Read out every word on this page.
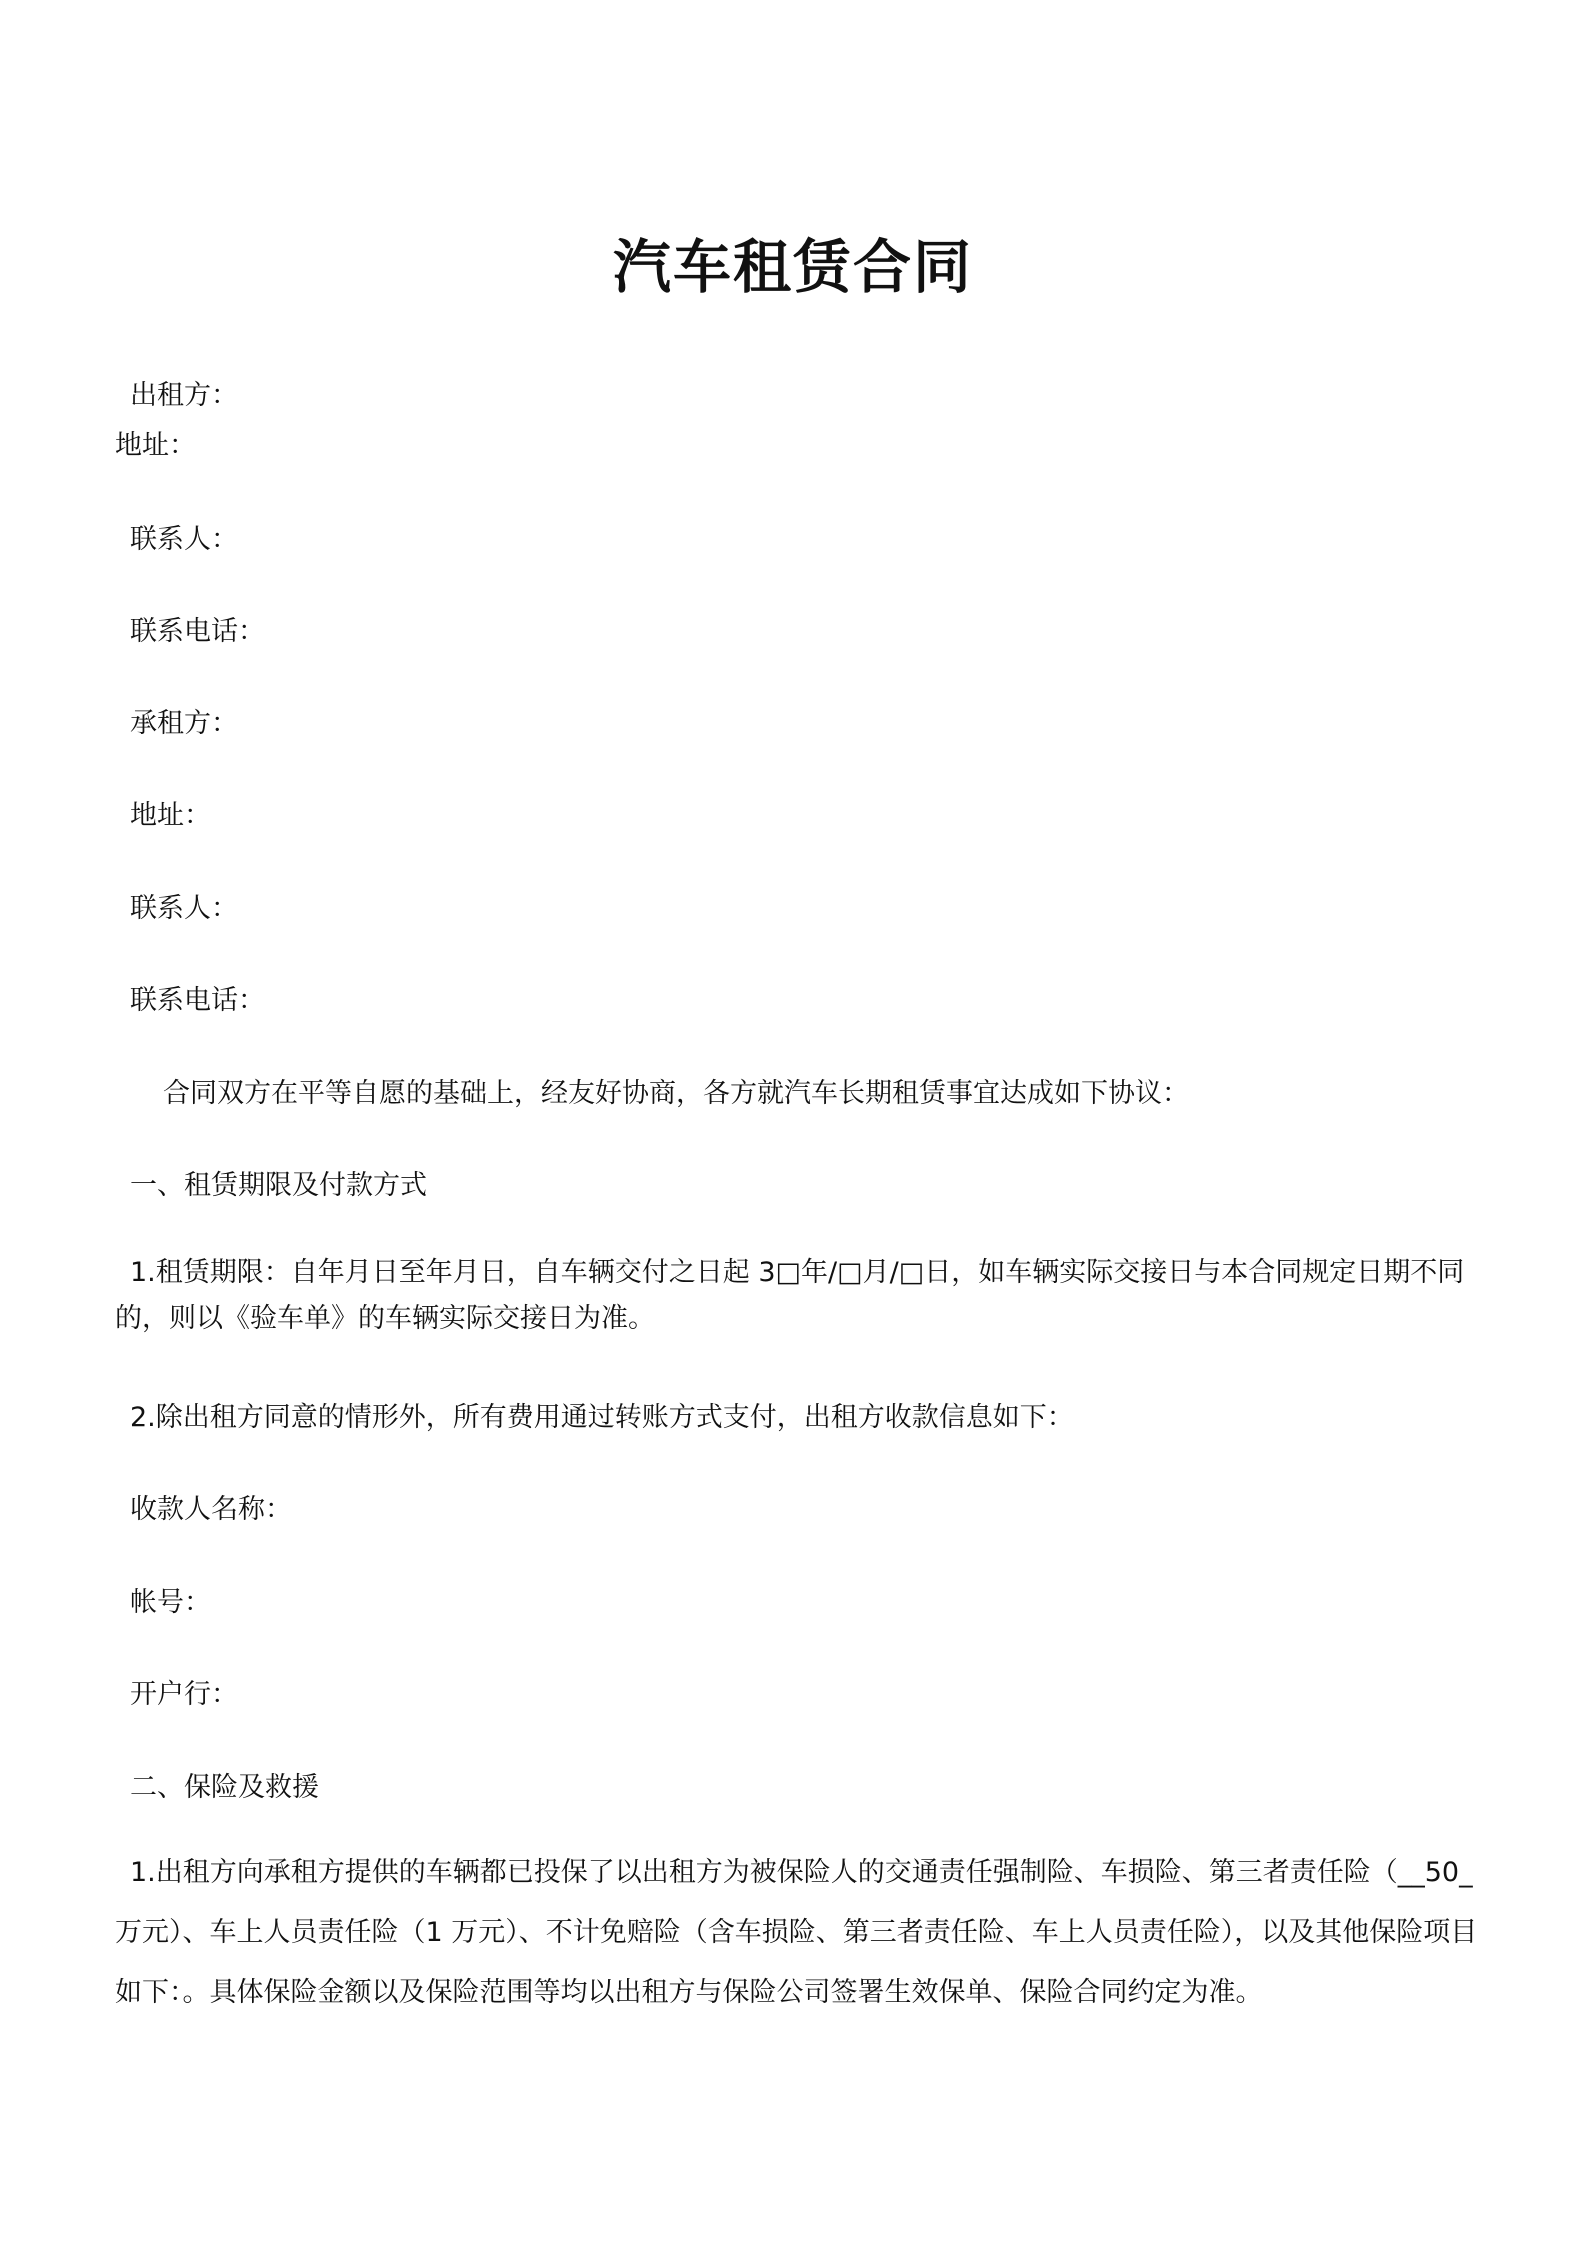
汽车租赁合同
出租方：
地址：
联系人：
联系电话：
承租方：
地址：
联系人：
联系电话：
合同双方在平等自愿的基础上，经友好协商，各方就汽车长期租赁事宜达成如下协议：
一、租赁期限及付款方式
1.租赁期限：自年月日至年月日，自车辆交付之日起 3□年/□月/□日，如车辆实际交接日与本合同规定日期不同的，则以《验车单》的车辆实际交接日为准。
2.除出租方同意的情形外，所有费用通过转账方式支付，出租方收款信息如下：
收款人名称：
帐号：
开户行：
二、保险及救援
1.出租方向承租方提供的车辆都已投保了以出租方为被保险人的交通责任强制险、车损险、第三者责任险（__50_万元）、车上人员责任险（1 万元）、不计免赔险（含车损险、第三者责任险、车上人员责任险），以及其他保险项目如下：。具体保险金额以及保险范围等均以出租方与保险公司签署生效保单、保险合同约定为准。
